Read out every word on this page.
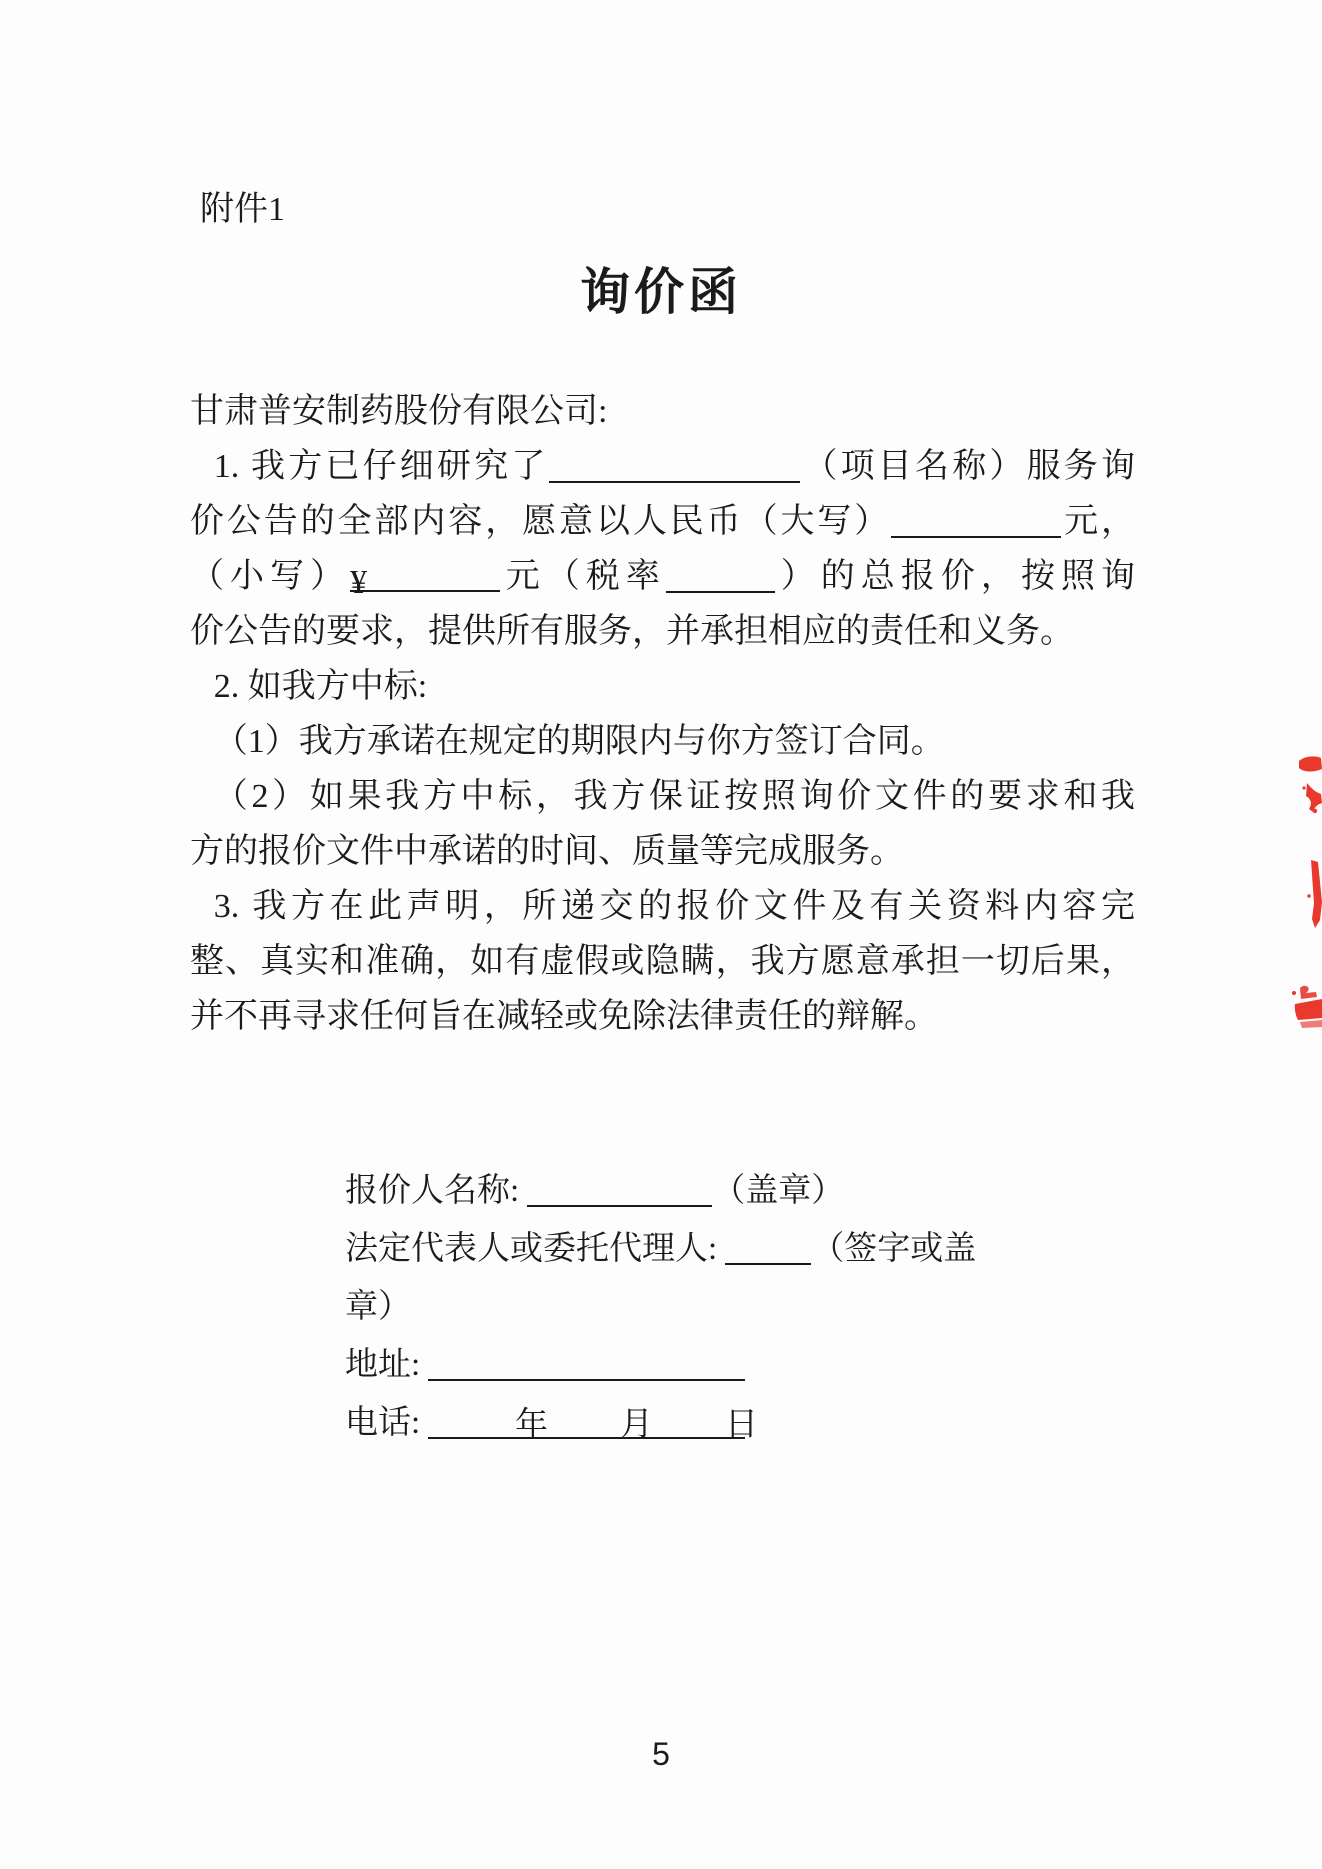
附件1
询价函
甘肃普安制药股份有限公司:
1. 我方已仔细研究了	（项目名称）服务询
价公告的全部内容，愿意以人民币（大写）	元，
（小写）¥	元（税率	）的总报价，按照询
价公告的要求，提供所有服务，并承担相应的责任和义务。
2. 如我方中标:
（1）我方承诺在规定的期限内与你方签订合同。
（2）如果我方中标，我方保证按照询价文件的要求和我
方的报价文件中承诺的时间、质量等完成服务。
3. 我方在此声明，所递交的报价文件及有关资料内容完
整、真实和准确，如有虚假或隐瞒，我方愿意承担一切后果，
并不再寻求任何旨在减轻或免除法律责任的辩解。
报价人名称:	（盖章）
法定代表人或委托代理人:	（签字或盖章）
地址:
电话:	年　　月　　日
5
